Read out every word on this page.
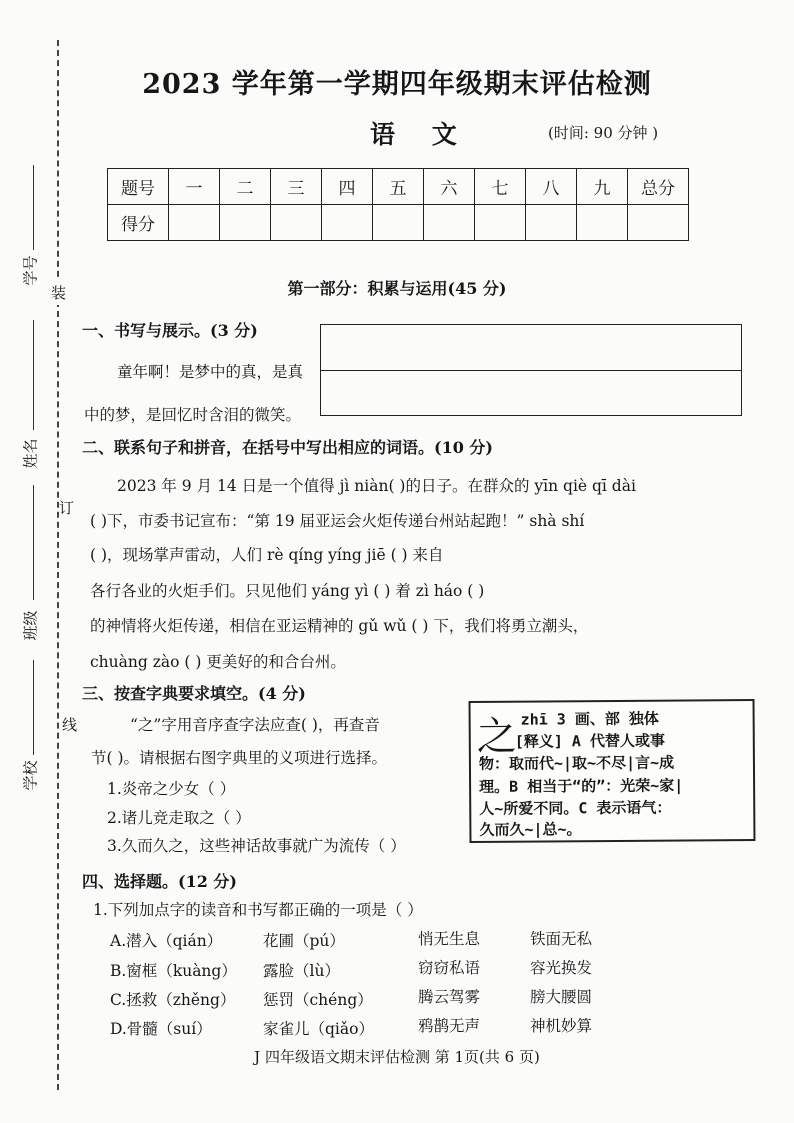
学号
姓名
班级
学校
装
订
线
2023 学年第一学期四年级期末评估检测
语 文	(时间: 90 分钟 )
题号	一	二	三	四	五	六	七	八	九	总分
得分										
第一部分：积累与运用(45 分)
一、书写与展示。(3 分)
童年啊！是梦中的真，是真
中的梦，是回忆时含泪的微笑。
二、联系句子和拼音，在括号中写出相应的词语。(10 分)
2023 年 9 月 14 日是一个值得 jì niàn( )的日子。在群众的 yīn qiè qī dài
( )下，市委书记宣布：“第 19 届亚运会火炬传递台州站起跑！” shà shí
( )，现场掌声雷动，人们 rè qíng yíng jiē ( ) 来自
各行各业的火炬手们。只见他们 yáng yì ( ) 着 zì háo ( )
的神情将火炬传递，相信在亚运精神的 gǔ wǔ ( ) 下，我们将勇立潮头，
chuàng zào ( ) 更美好的和合台州。
三、按查字典要求填空。(4 分)
“之”字用音序查字法应查( )，再查音
节( )。请根据右图字典里的义项进行选择。
1.炎帝之少女（ ）
2.诸儿竞走取之（ ）
3.久而久之，这些神话故事就广为流传（ ）
之 zhī 3 画、部 独体
[释义] A 代替人或事
物：取而代~|取~不尽|言~成
理。B 相当于“的”：光荣~家|
人~所爱不同。C 表示语气：
久而久~|总~。
四、选择题。(12 分)
1.下列加点字的读音和书写都正确的一项是（ ）
A.潜入（qián）	花圃（pú）	悄无生息	铁面无私
B.窗框（kuàng） 露脸（lù）	窃窃私语	容光换发
C.拯救（zhěng） 惩罚（chéng）	腾云驾雾	膀大腰圆
D.骨髓（suí）	家雀儿（qiǎo）	鸦鹊无声	神机妙算
J 四年级语文期末评估检测 第 1页(共 6 页)
